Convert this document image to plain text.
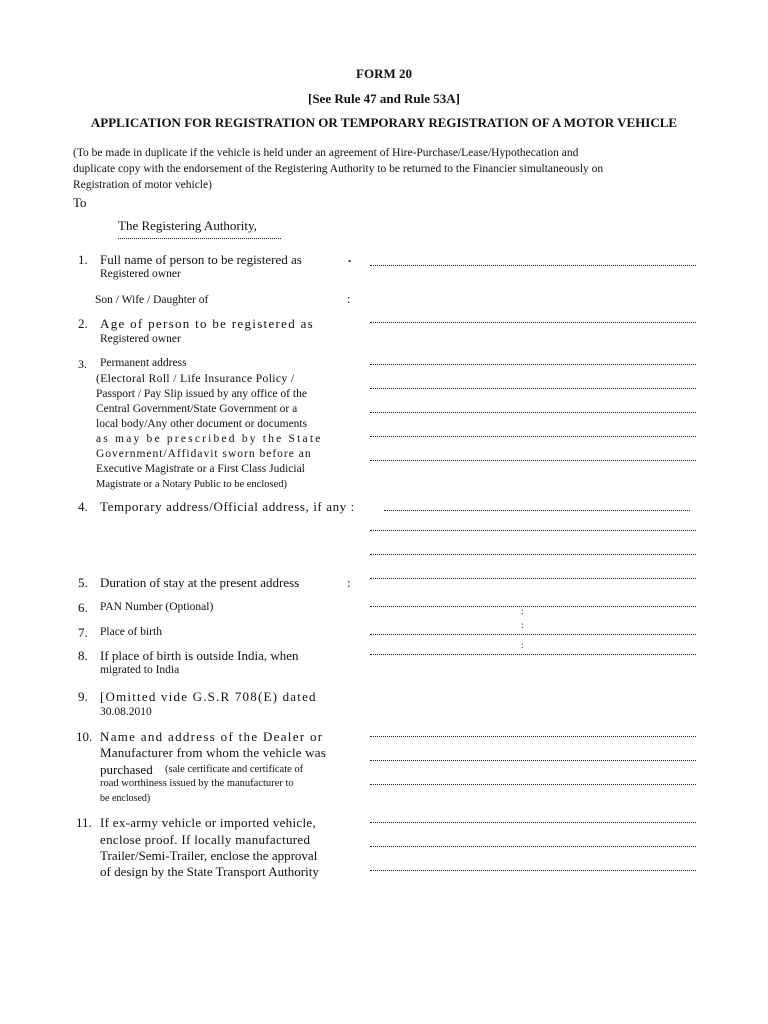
FORM 20
[See Rule 47 and Rule 53A]
APPLICATION FOR REGISTRATION OR TEMPORARY REGISTRATION OF A MOTOR VEHICLE
(To be made in duplicate if the vehicle is held under an agreement of Hire-Purchase/Lease/Hypothecation and
duplicate copy with the endorsement of the Registering Authority to be returned to the Financier simultaneously on
Registration of motor vehicle)
To
The Registering Authority,
1. Full name of person to be registered as
Registered owner
.
Son / Wife / Daughter of	:
2. Age of person to be registered as
Registered owner
3. Permanent address
(Electoral Roll / Life Insurance Policy /
Passport / Pay Slip issued by any office of the
Central Government/State Government or a
local body/Any other document or documents
as may be prescribed by the State
Government/Affidavit sworn before an
Executive Magistrate or a First Class Judicial
Magistrate or a Notary Public to be enclosed)
4. Temporary address/Official address, if any :
5. Duration of stay at the present address	:
6. PAN Number (Optional)	:
7. Place of birth
:
8. If place of birth is outside India, when
migrated to India
:
9. [Omitted vide G.S.R 708(E) dated
30.08.2010
10. Name and address of the Dealer or
Manufacturer from whom the vehicle was
purchased (sale certificate and certificate of
road worthiness issued by the manufacturer to
be enclosed)
11. If ex-army vehicle or imported vehicle,
enclose proof. If locally manufactured
Trailer/Semi-Trailer, enclose the approval
of design by the State Transport Authority
